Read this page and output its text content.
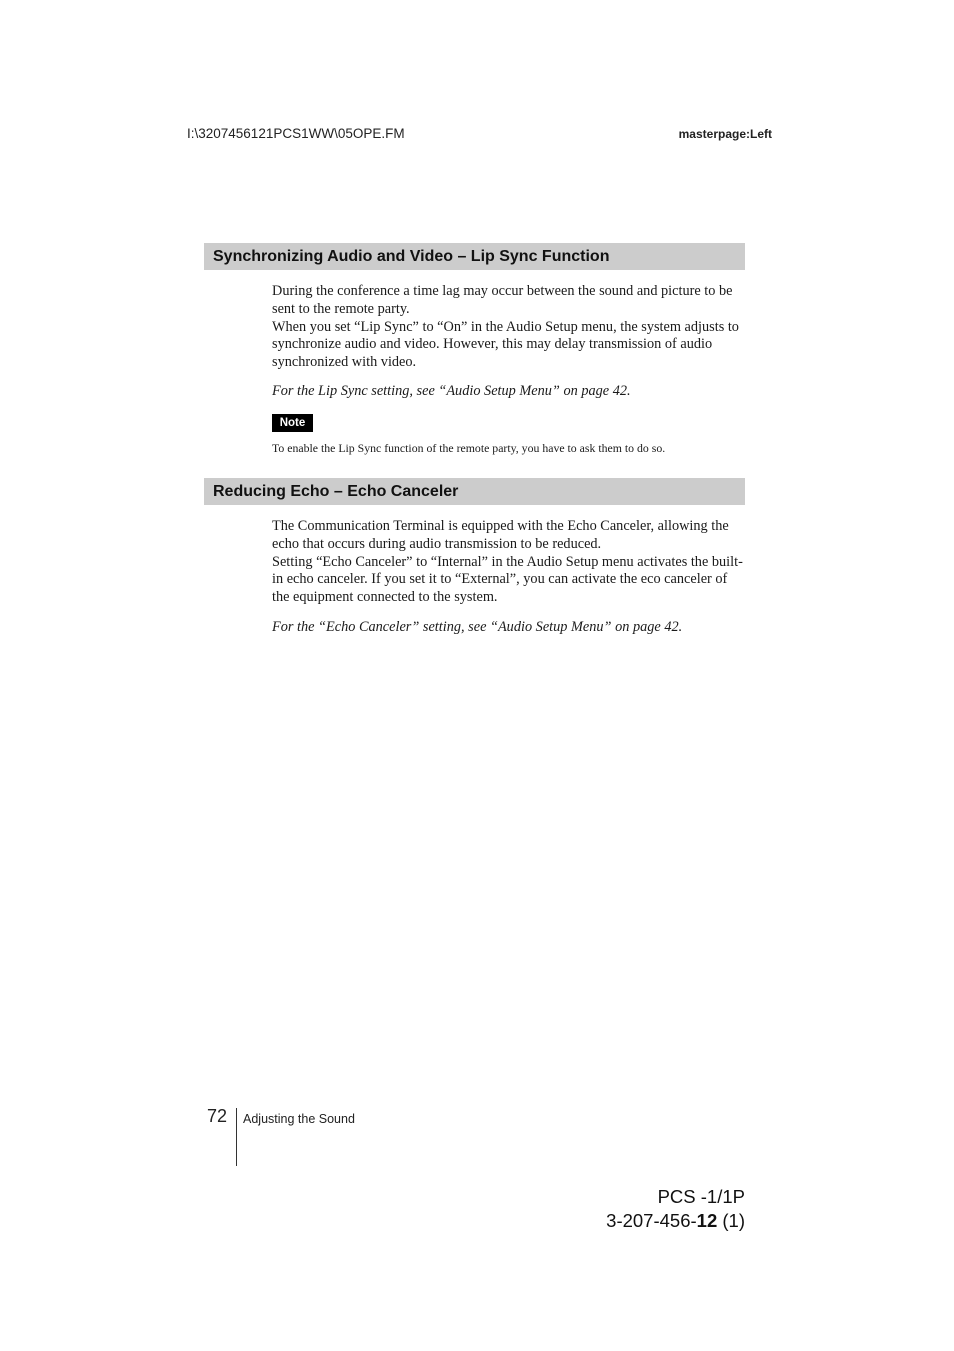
I:\3207456121PCS1WW\05OPE.FM	masterpage:Left
Synchronizing Audio and Video – Lip Sync Function

During the conference a time lag may occur between the sound and picture to be sent to the remote party.

When you set “Lip Sync” to “On” in the Audio Setup menu, the system adjusts to synchronize audio and video. However, this may delay transmission of audio synchronized with video.

For the Lip Sync setting, see “Audio Setup Menu” on page 42.
Note
To enable the Lip Sync function of the remote party, you have to ask them to do so.
Reducing Echo – Echo Canceler

The Communication Terminal is equipped with the Echo Canceler, allowing the echo that occurs during audio transmission to be reduced.

Setting “Echo Canceler” to “Internal” in the Audio Setup menu activates the built-in echo canceler. If you set it to “External”, you can activate the eco canceler of the equipment connected to the system.

For the “Echo Canceler” setting, see “Audio Setup Menu” on page 42.
72 Adjusting the Sound
PCS -1/1P
3-207-456-12 (1)
